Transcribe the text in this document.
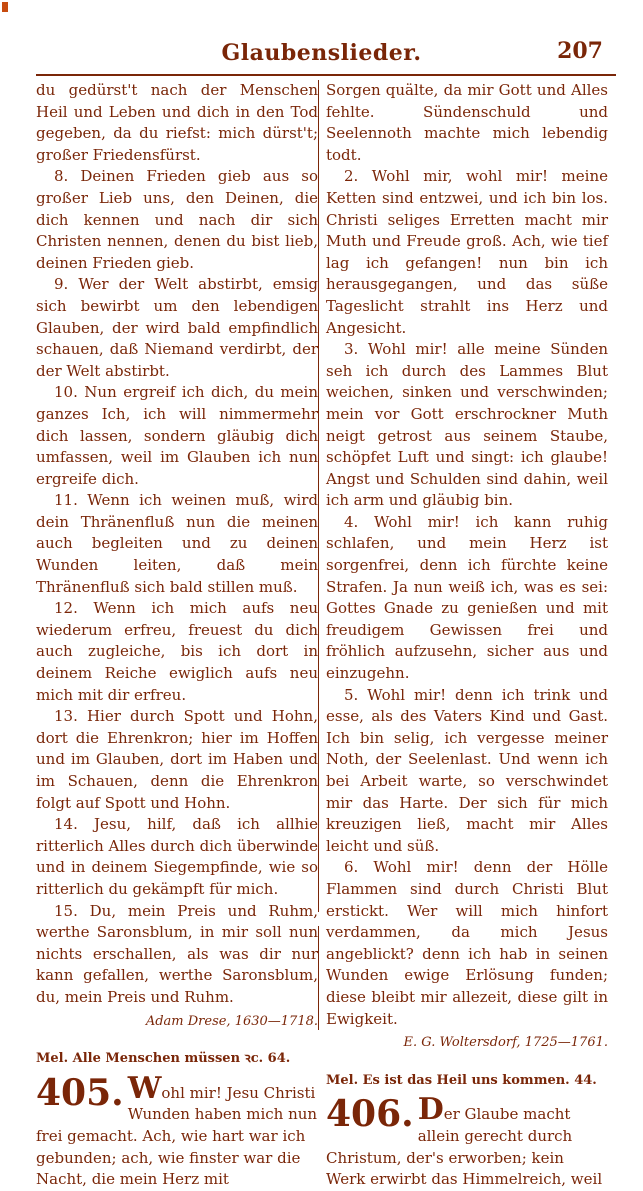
Glaubenslieder.	207
du gedürst't nach der Menschen Heil und Leben und dich in den Tod gegeben, da du riefst: mich dürst't; großer Friedensfürst.
8. Deinen Frieden gieb aus so großer Lieb uns, den Deinen, die dich kennen und nach dir sich Christen nennen, denen du bist lieb, deinen Frieden gieb.
9. Wer der Welt abstirbt, emsig sich bewirbt um den lebendigen Glauben, der wird bald empfindlich schauen, daß Niemand verdirbt, der der Welt abstirbt.
10. Nun ergreif ich dich, du mein ganzes Ich, ich will nimmermehr dich lassen, sondern gläubig dich umfassen, weil im Glauben ich nun ergreife dich.
11. Wenn ich weinen muß, wird dein Thränenfluß nun die meinen auch begleiten und zu deinen Wunden leiten, daß mein Thränenfluß sich bald stillen muß.
12. Wenn ich mich aufs neu wiederum erfreu, freuest du dich auch zugleiche, bis ich dort in deinem Reiche ewiglich aufs neu mich mit dir erfreu.
13. Hier durch Spott und Hohn, dort die Ehrenkron; hier im Hoffen und im Glauben, dort im Haben und im Schauen, denn die Ehrenkron folgt auf Spott und Hohn.
14. Jesu, hilf, daß ich allhie ritterlich Alles durch dich überwinde und in deinem Siegempfinde, wie so ritterlich du gekämpft für mich.
15. Du, mein Preis und Ruhm, werthe Saronsblum, in mir soll nun nichts erschallen, als was dir nur kann gefallen, werthe Saronsblum, du, mein Preis und Ruhm.
Adam Drese, 1630—1718.
Mel. Alle Menschen müssen ꝛc. 64.
405. Wohl mir! Jesu Christi Wunden haben mich nun frei gemacht. Ach, wie hart war ich gebunden; ach, wie finster war die Nacht, die mein Herz mit
Sorgen quälte, da mir Gott und Alles fehlte. Sündenschuld und Seelennoth machte mich lebendig todt.
2. Wohl mir, wohl mir! meine Ketten sind entzwei, und ich bin los. Christi seliges Erretten macht mir Muth und Freude groß. Ach, wie tief lag ich gefangen! nun bin ich herausgegangen, und das süße Tageslicht strahlt ins Herz und Angesicht.
3. Wohl mir! alle meine Sünden seh ich durch des Lammes Blut weichen, sinken und verschwinden; mein vor Gott erschrockner Muth neigt getrost aus seinem Staube, schöpfet Luft und singt: ich glaube! Angst und Schulden sind dahin, weil ich arm und gläubig bin.
4. Wohl mir! ich kann ruhig schlafen, und mein Herz ist sorgenfrei, denn ich fürchte keine Strafen. Ja nun weiß ich, was es sei: Gottes Gnade zu genießen und mit freudigem Gewissen frei und fröhlich aufzusehn, sicher aus und einzugehn.
5. Wohl mir! denn ich trink und esse, als des Vaters Kind und Gast. Ich bin selig, ich vergesse meiner Noth, der Seelenlast. Und wenn ich bei Arbeit warte, so verschwindet mir das Harte. Der sich für mich kreuzigen ließ, macht mir Alles leicht und süß.
6. Wohl mir! denn der Hölle Flammen sind durch Christi Blut erstickt. Wer will mich hinfort verdammen, da mich Jesus angeblickt? denn ich hab in seinen Wunden ewige Erlösung funden; diese bleibt mir allezeit, diese gilt in Ewigkeit.
E. G. Woltersdorf, 1725—1761.
Mel. Es ist das Heil uns kommen. 44.
406. Der Glaube macht allein gerecht durch Christum, der's erworben; kein Werk erwirbt das Himmelreich, weil
